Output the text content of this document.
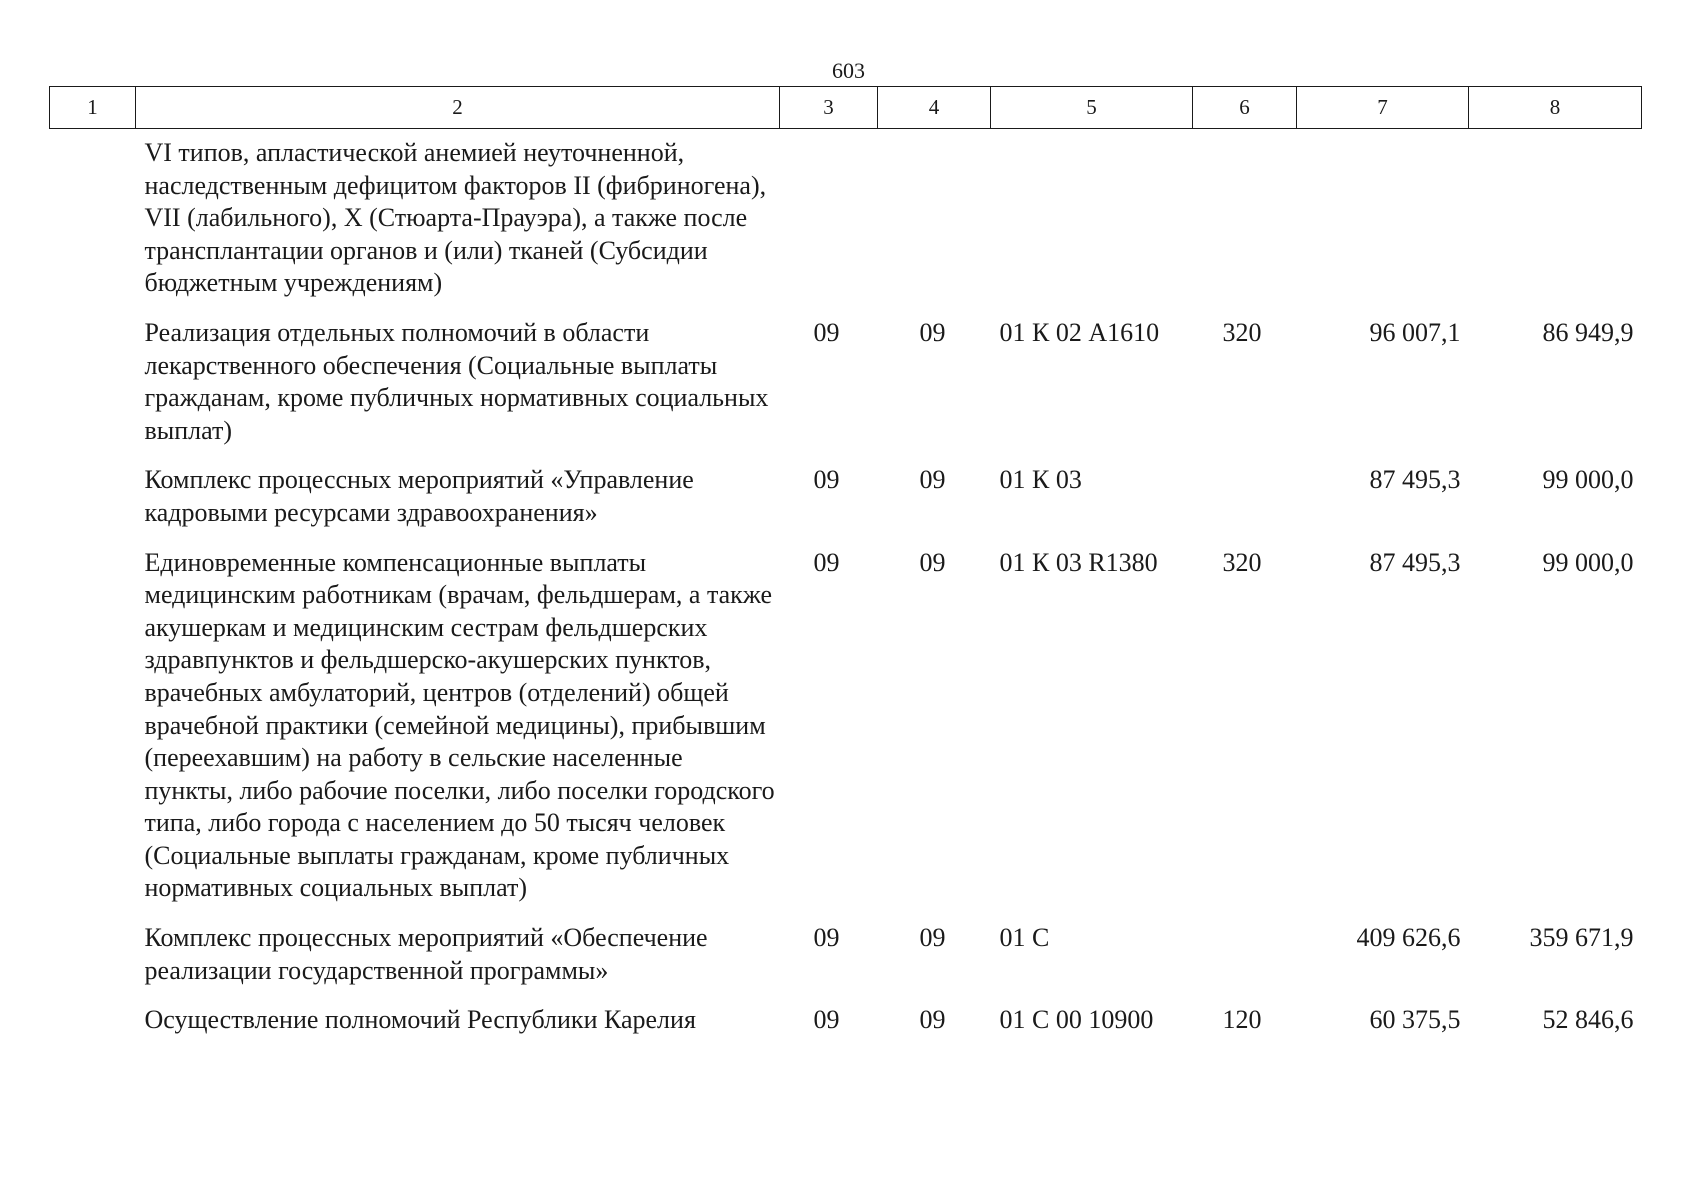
603
1	2	3	4	5	6	7	8
	VI типов, апластической анемией неуточненной, наследственным дефицитом факторов II (фибриногена), VII (лабильного), X (Стюарта-Прауэра), а также после трансплантации органов и (или) тканей (Субсидии бюджетным учреждениям)						
	Реализация отдельных полномочий в области лекарственного обеспечения (Социальные выплаты гражданам, кроме публичных нормативных социальных выплат)	09	09	01 К 02 А1610	320	96 007,1	86 949,9
	Комплекс процессных мероприятий «Управление кадровыми ресурсами здравоохранения»	09	09	01 К 03		87 495,3	99 000,0
	Единовременные компенсационные выплаты медицинским работникам (врачам, фельдшерам, а также акушеркам и медицинским сестрам фельдшерских здравпунктов и фельдшерско-акушерских пунктов, врачебных амбулаторий, центров (отделений) общей врачебной практики (семейной медицины), прибывшим (переехавшим) на работу в сельские населенные пункты, либо рабочие поселки, либо поселки городского типа, либо города с населением до 50 тысяч человек (Социальные выплаты гражданам, кроме публичных нормативных социальных выплат)	09	09	01 К 03 R1380	320	87 495,3	99 000,0
	Комплекс процессных мероприятий «Обеспечение реализации государственной программы»	09	09	01 С		409 626,6	359 671,9
	Осуществление полномочий Республики Карелия	09	09	01 С 00 10900	120	60 375,5	52 846,6
